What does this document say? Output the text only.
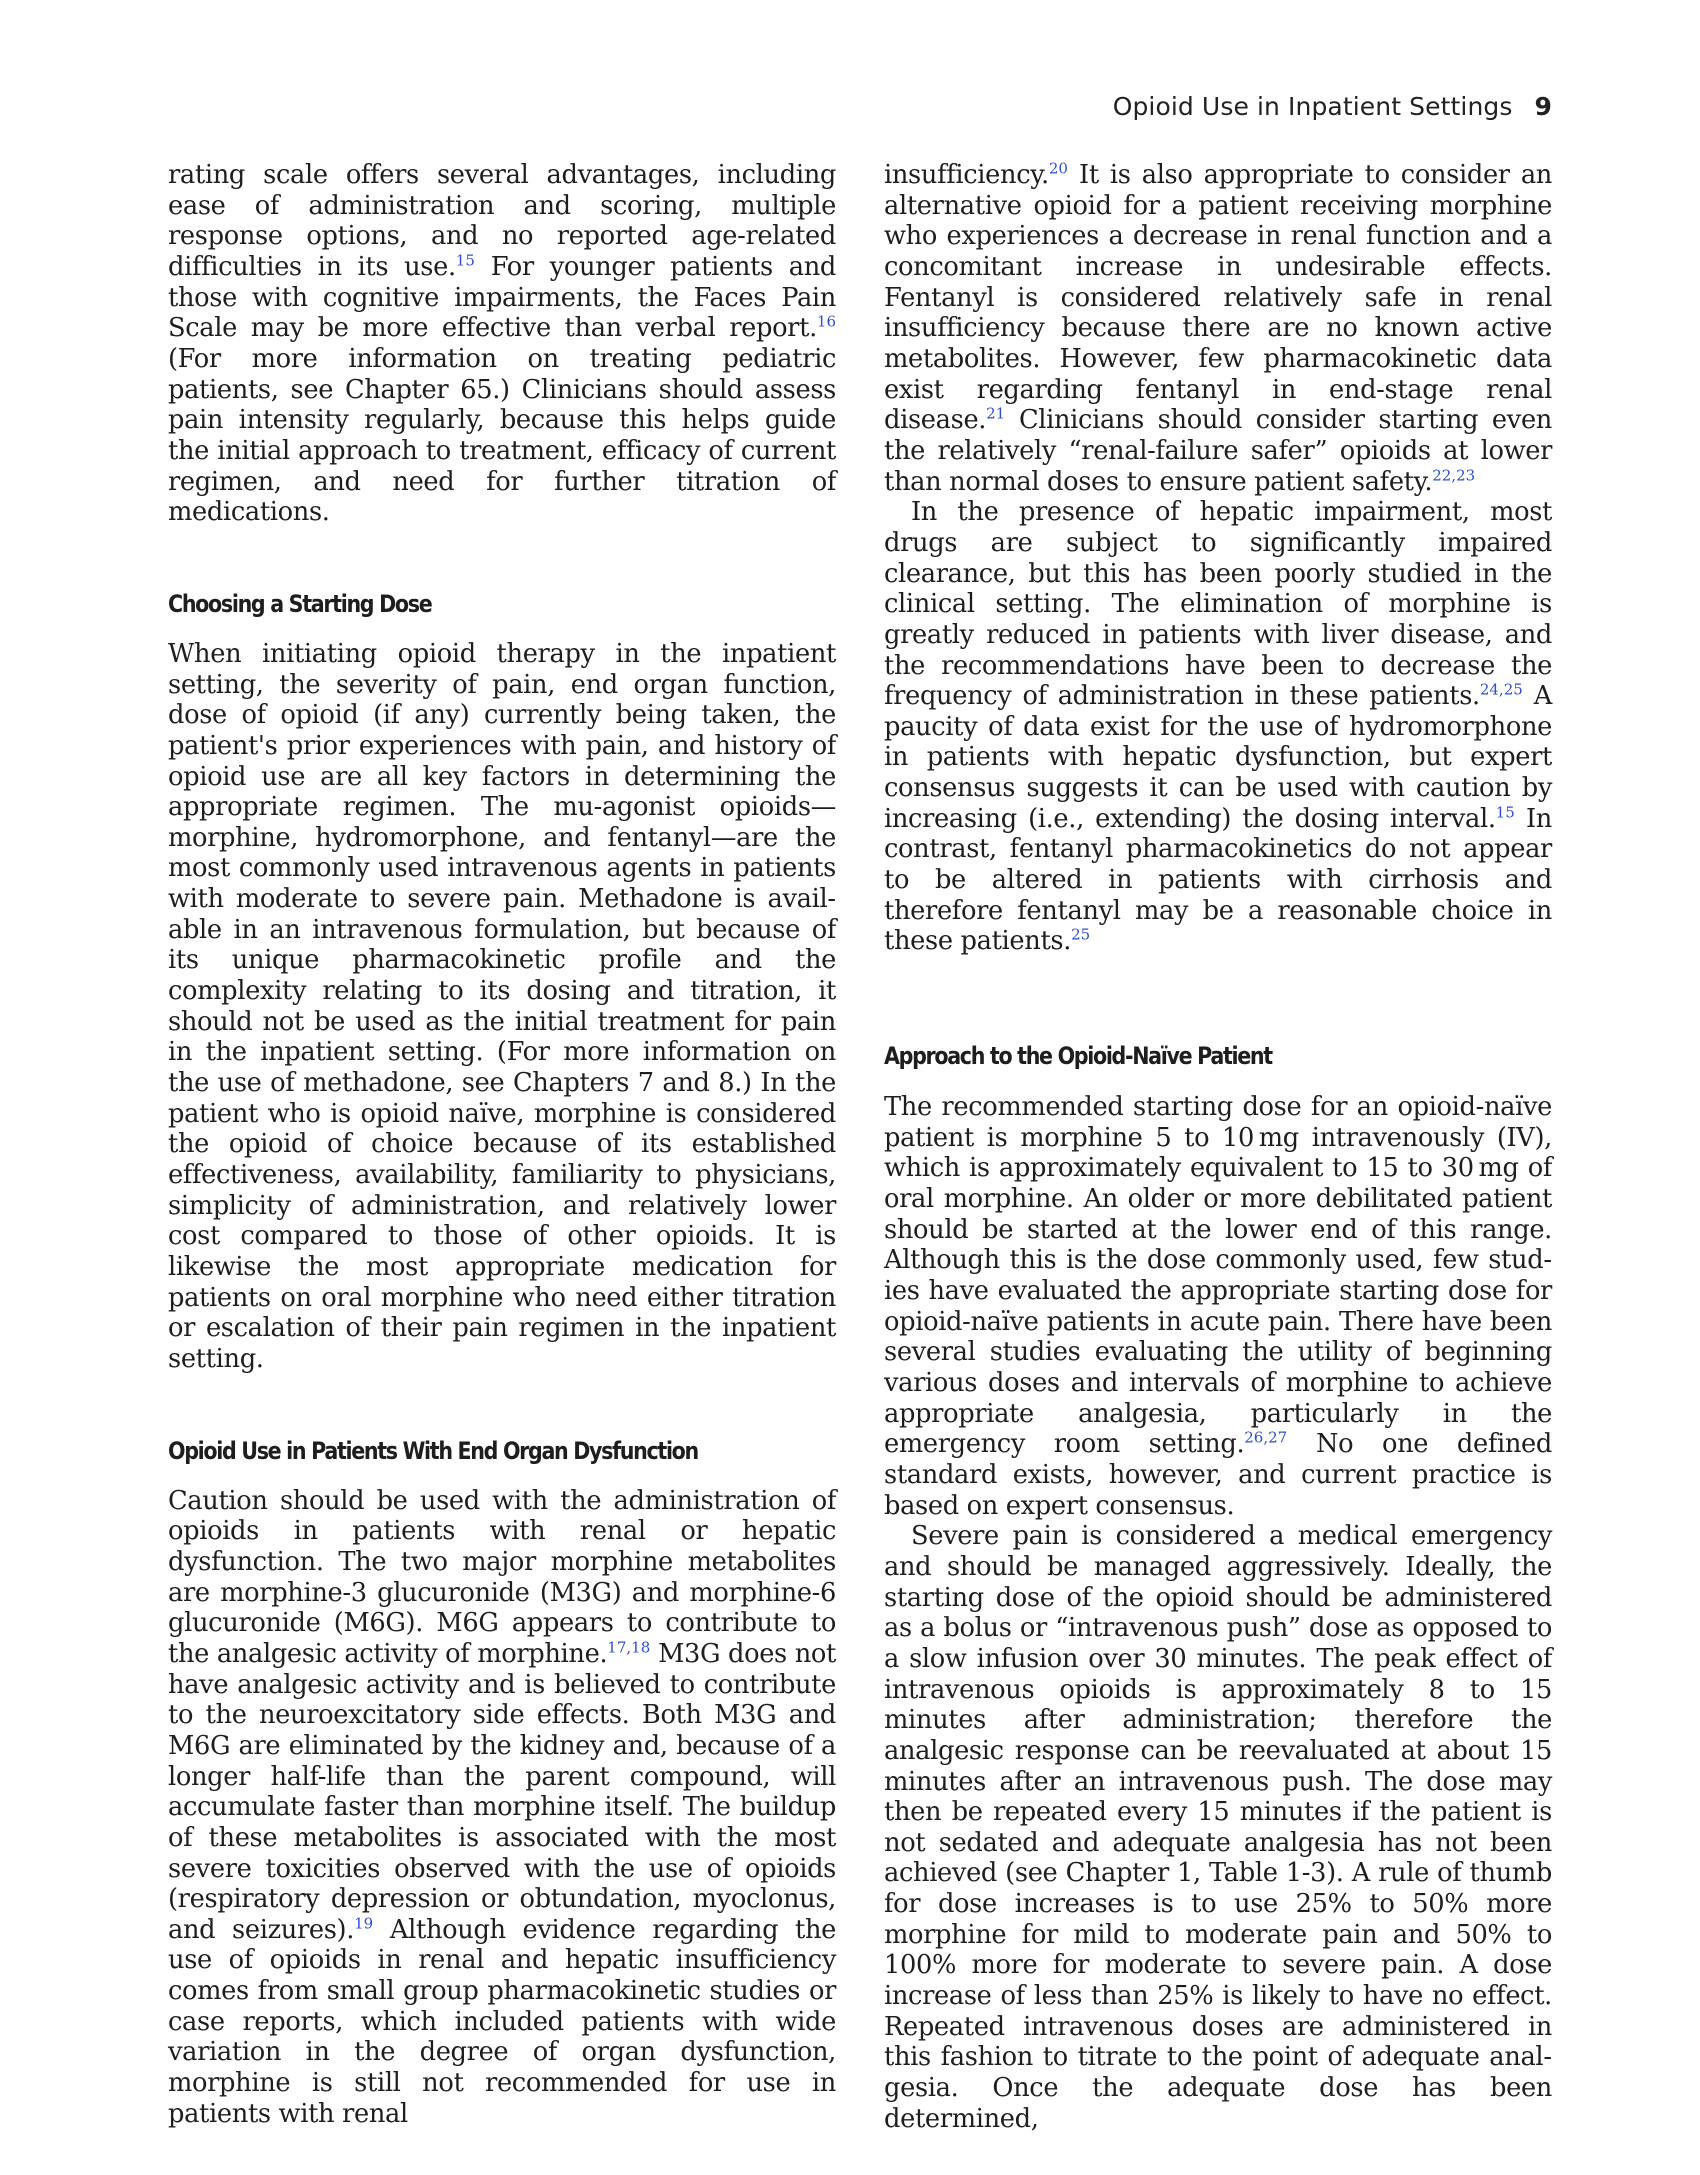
Opioid Use in Inpatient Settings 9

rating scale offers several advantages, including ease of administration and scoring, multiple response options, and no reported age-related difficulties in its use.$^{15}$ For younger patients and those with cognitive impairments, the Faces Pain Scale may be more effective than verbal report.$^{16}$ (For more information on treating pediatric patients, see Chapter 65.) Clinicians should assess pain intensity regularly, because this helps guide the initial approach to treatment, efficacy of current regimen, and need for further titration of medications.

Choosing a Starting Dose

When initiating opioid therapy in the inpatient setting, the severity of pain, end organ function, dose of opioid (if any) currently being taken, the patient's prior experiences with pain, and history of opioid use are all key factors in determining the appropriate regimen. The mu-agonist opioids— morphine, hydromorphone, and fentanyl—are the most commonly used intravenous agents in patients with moderate to severe pain. Methadone is available in an intravenous formulation, but because of its unique pharmacokinetic profile and the complexity relating to its dosing and titration, it should not be used as the initial treatment for pain in the inpatient setting. (For more information on the use of methadone, see Chapters 7 and 8.) In the patient who is opioid naïve, morphine is considered the opioid of choice because of its established effectiveness, availability, familiarity to physicians, simplicity of administration, and relatively lower cost compared to those of other opioids. It is likewise the most appropriate medication for patients on oral morphine who need either titration or escalation of their pain regimen in the inpatient setting.

Opioid Use in Patients With End Organ Dysfunction

Caution should be used with the administration of opioids in patients with renal or hepatic dysfunction. The two major morphine metabolites are morphine-3 glucuronide (M3G) and morphine-6 glucuronide (M6G). M6G appears to contribute to the analgesic activity of morphine.$^{17,18}$ M3G does not have analgesic activity and is believed to contribute to the neuroexcitatory side effects. Both M3G and M6G are eliminated by the kidney and, because of a longer half-life than the parent compound, will accumulate faster than morphine itself. The buildup of these metabolites is associated with the most severe toxicities observed with the use of opioids (respiratory depression or obtundation, myoclonus, and seizures).$^{19}$ Although evidence regarding the use of opioids in renal and hepatic insufficiency comes from small group pharmacokinetic studies or case reports, which included patients with wide variation in the degree of organ dysfunction, morphine is still not recommended for use in patients with renal

insufficiency.$^{20}$ It is also appropriate to consider an alternative opioid for a patient receiving morphine who experiences a decrease in renal function and a concomitant increase in undesirable effects. Fentanyl is considered relatively safe in renal insufficiency because there are no known active metabolites. However, few pharmacokinetic data exist regarding fentanyl in end-stage renal disease.$^{21}$ Clinicians should consider starting even the relatively “renal-failure safer” opioids at lower than normal doses to ensure patient safety.$^{22,23}$

In the presence of hepatic impairment, most drugs are subject to significantly impaired clearance, but this has been poorly studied in the clinical setting. The elimination of morphine is greatly reduced in patients with liver disease, and the recommendations have been to decrease the frequency of administration in these patients.$^{24,25}$ A paucity of data exist for the use of hydromorphone in patients with hepatic dysfunction, but expert consensus suggests it can be used with caution by increasing (i.e., extending) the dosing interval.$^{15}$ In contrast, fentanyl pharmacokinetics do not appear to be altered in patients with cirrhosis and therefore fentanyl may be a reasonable choice in these patients.$^{25}$

Approach to the Opioid-Naïve Patient

The recommended starting dose for an opioid-naïve patient is morphine 5 to 10 mg intravenously (IV), which is approximately equivalent to 15 to 30 mg of oral morphine. An older or more debilitated patient should be started at the lower end of this range. Although this is the dose commonly used, few studies have evaluated the appropriate starting dose for opioid-naïve patients in acute pain. There have been several studies evaluating the utility of beginning various doses and intervals of morphine to achieve appropriate analgesia, particularly in the emergency room setting.$^{26,27}$ No one defined standard exists, however, and current practice is based on expert consensus.

Severe pain is considered a medical emergency and should be managed aggressively. Ideally, the starting dose of the opioid should be administered as a bolus or “intravenous push” dose as opposed to a slow infusion over 30 minutes. The peak effect of intravenous opioids is approximately 8 to 15 minutes after administration; therefore the analgesic response can be reevaluated at about 15 minutes after an intravenous push. The dose may then be repeated every 15 minutes if the patient is not sedated and adequate analgesia has not been achieved (see Chapter 1, Table 1-3). A rule of thumb for dose increases is to use 25% to 50% more morphine for mild to moderate pain and 50% to 100% more for moderate to severe pain. A dose increase of less than 25% is likely to have no effect. Repeated intravenous doses are administered in this fashion to titrate to the point of adequate analgesia. Once the adequate dose has been determined,
